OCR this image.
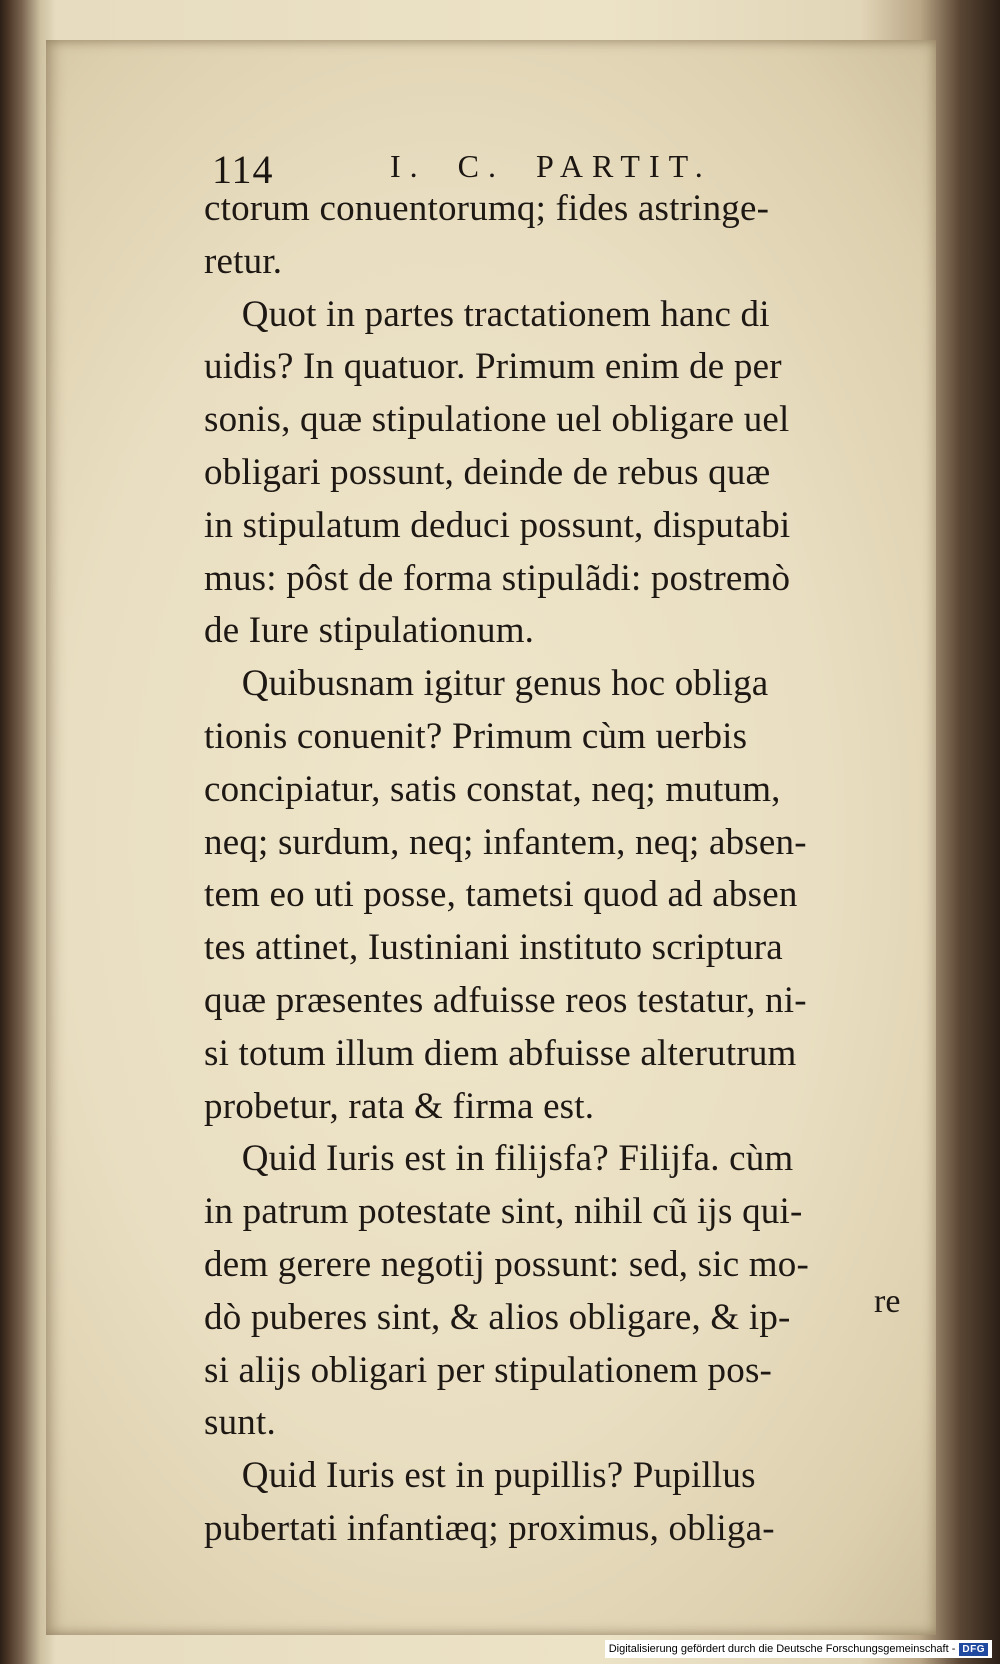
114	I. C. PARTIT.
ctorum conuentorumq; fides astringe-
retur.
Quot in partes tractationem hanc di
uidis? In quatuor. Primum enim de per
sonis, quæ stipulatione uel obligare uel
obligari possunt, deinde de rebus quæ
in stipulatum deduci possunt, disputabi
mus: pôst de forma stipulãdi: postremò
de Iure stipulationum.
Quibusnam igitur genus hoc obliga
tionis conuenit? Primum cùm uerbis
concipiatur, satis constat, neq; mutum,
neq; surdum, neq; infantem, neq; absen-
tem eo uti posse, tametsi quod ad absen
tes attinet, Iustiniani instituto scriptura
quæ præsentes adfuisse reos testatur, ni-
si totum illum diem abfuisse alterutrum
probetur, rata & firma est.
Quid Iuris est in filijsfa? Filijfa. cùm
in patrum potestate sint, nihil cũ ijs qui-
dem gerere negotij possunt: sed, sic mo-
dò puberes sint, & alios obligare, & ip-
si alijs obligari per stipulationem pos-
sunt.
Quid Iuris est in pupillis? Pupillus
pubertati infantiæq; proximus, obliga-
re
Digitalisierung gefördert durch die Deutsche Forschungsgemeinschaft - DFG
